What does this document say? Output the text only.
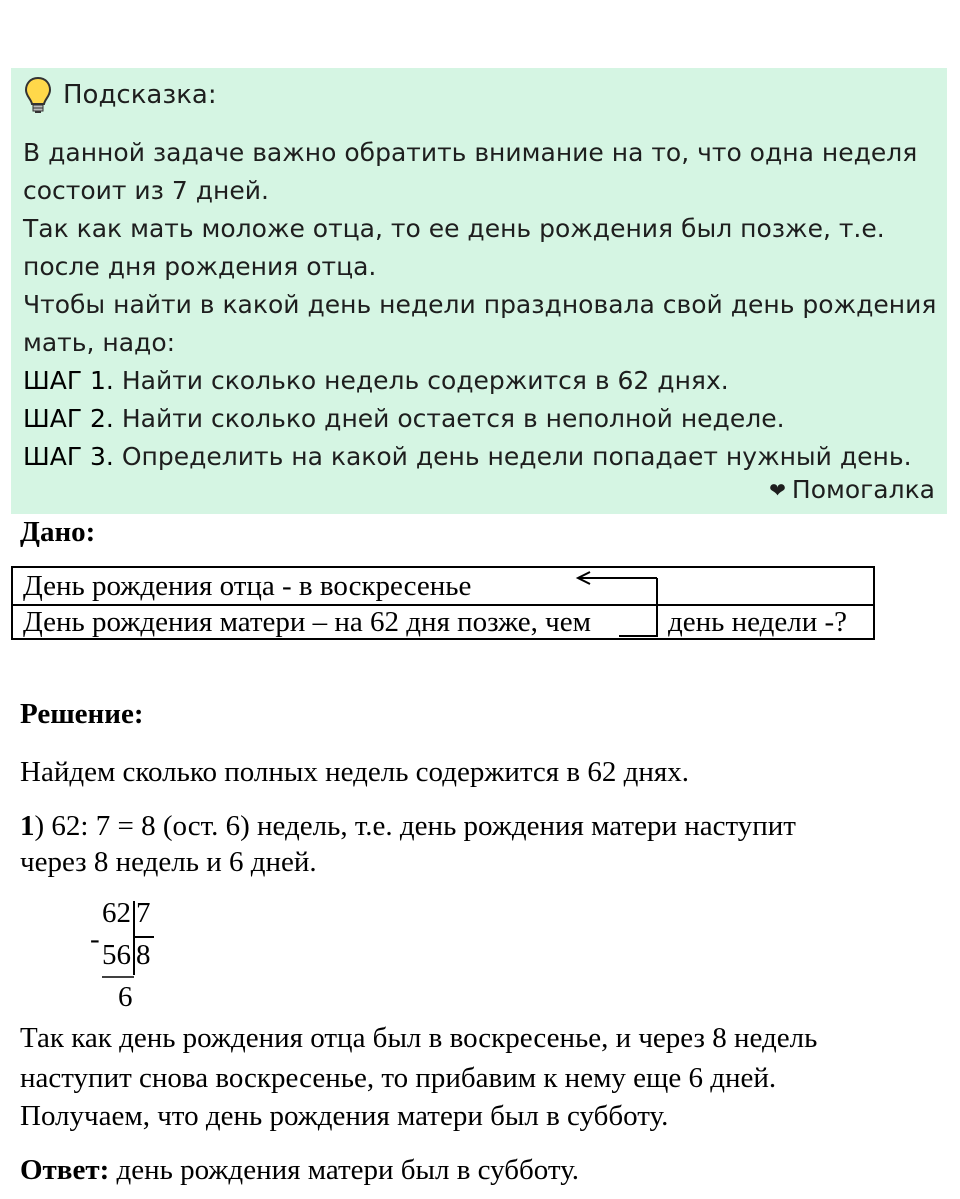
Подсказка:

В данной задаче важно обратить внимание на то, что одна неделя состоит из 7 дней.

Так как мать моложе отца, то ее день рождения был позже, т.е. после дня рождения отца.

Чтобы найти в какой день недели праздновала свой день рождения мать, надо:

ШАГ 1. Найти сколько недель содержится в 62 днях.

ШАГ 2. Найти сколько дней остается в неполной неделе.

ШАГ 3. Определить на какой день недели попадает нужный день.

❤ Помогалка
Дано:
День рождения отца - в воскресенье
День рождения матери – на 62 дня позже, чем	день недели -?
Решение:
Найдем сколько полных недель содержится в 62 днях.
1) 62: 7 = 8 (ост. 6) недель, т.е. день рождения матери наступит
через 8 недель и 6 дней.
62 7
- 56 8
6
Так как день рождения отца был в воскресенье, и через 8 недель
наступит снова воскресенье, то прибавим к нему еще 6 дней.
Получаем, что день рождения матери был в субботу.
Ответ: день рождения матери был в субботу.
